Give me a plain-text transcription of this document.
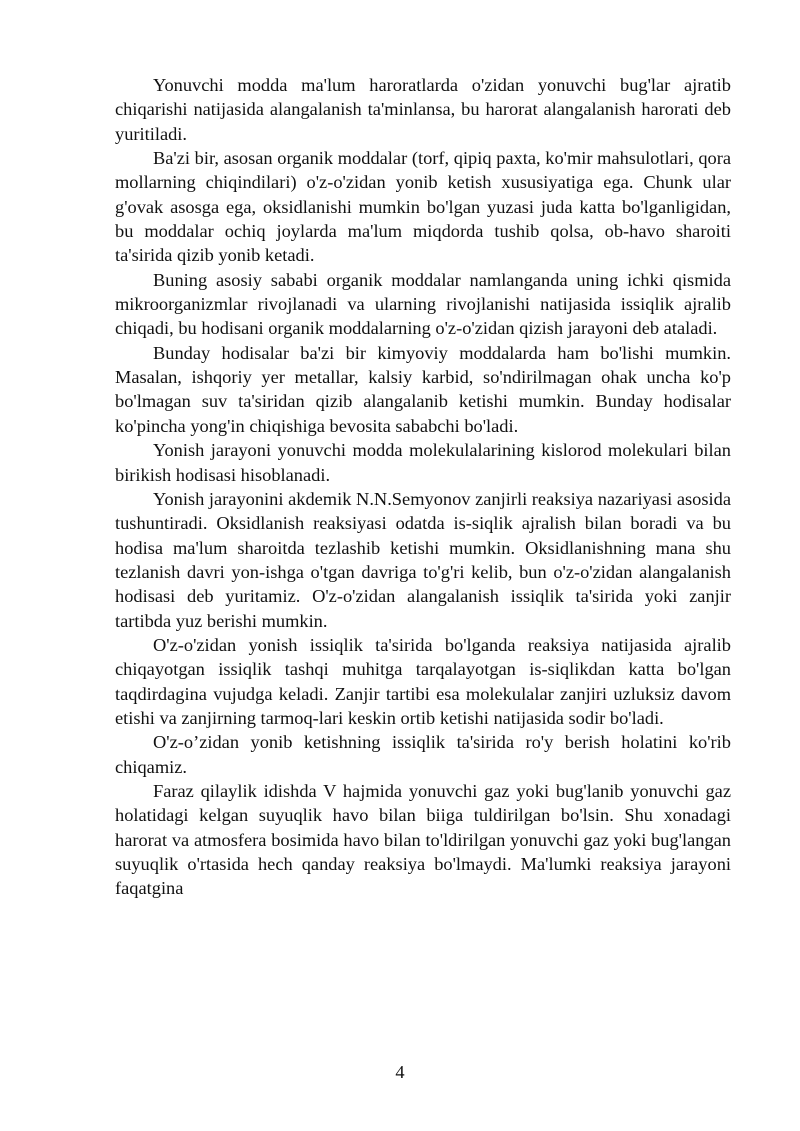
Yonuvchi modda ma'lum haroratlarda o'zidan yonuvchi bug'lar ajratib chiqarishi natijasida alangalanish ta'minlansa, bu harorat alangalanish harorati deb yuritiladi.

Ba'zi bir, asosan organik moddalar (torf, qipiq paxta, ko'mir mahsulotlari, qora mollarning chiqindilari) o'z-o'zidan yonib ketish xususiyatiga ega. Chunk ular g'ovak asosga ega, oksidlanishi mumkin bo'lgan yuzasi juda katta bo'lganligidan, bu moddalar ochiq joylarda ma'lum miqdorda tushib qolsa, ob-havo sharoiti ta'sirida qizib yonib ketadi.

Buning asosiy sababi organik moddalar namlanganda uning ichki qismida mikroorganizmlar rivojlanadi va ularning rivojlanishi natijasida issiqlik ajralib chiqadi, bu hodisani organik moddalarning o'z-o'zidan qizish jarayoni deb ataladi.

Bunday hodisalar ba'zi bir kimyoviy moddalarda ham bo'lishi mumkin. Masalan, ishqoriy yer metallar, kalsiy karbid, so'ndirilmagan ohak uncha ko'p bo'lmagan suv ta'siridan qizib alangalanib ketishi mumkin. Bunday hodisalar ko'pincha yong'in chiqishiga bevosita sababchi bo'ladi.

Yonish jarayoni yonuvchi modda molekulalarining kislorod molekulari bilan birikish hodisasi hisoblanadi.

Yonish jarayonini akdemik N.N.Semyonov zanjirli reaksiya nazariyasi asosida tushuntiradi. Oksidlanish reaksiyasi odatda is-siqlik ajralish bilan boradi va bu hodisa ma'lum sharoitda tezlashib ketishi mumkin. Oksidlanishning mana shu tezlanish davri yon-ishga o'tgan davriga to'g'ri kelib, bun o'z-o'zidan alangalanish hodisasi deb yuritamiz. O'z-o'zidan alangalanish issiqlik ta'sirida yoki zanjir tartibda yuz berishi mumkin.

O'z-o'zidan yonish issiqlik ta'sirida bo'lganda reaksiya natijasida ajralib chiqayotgan issiqlik tashqi muhitga tarqalayotgan is-siqlikdan katta bo'lgan taqdirdagina vujudga keladi. Zanjir tartibi esa molekulalar zanjiri uzluksiz davom etishi va zanjirning tarmoq-lari keskin ortib ketishi natijasida sodir bo'ladi.

O'z-o’zidan yonib ketishning issiqlik ta'sirida ro'y berish holatini ko'rib chiqamiz.

Faraz qilaylik idishda V hajmida yonuvchi gaz yoki bug'lanib yonuvchi gaz holatidagi kelgan suyuqlik havo bilan biiga tuldirilgan bo'lsin. Shu xonadagi harorat va atmosfera bosimida havo bilan to'ldirilgan yonuvchi gaz yoki bug'langan suyuqlik o'rtasida hech qanday reaksiya bo'lmaydi. Ma'lumki reaksiya jarayoni faqatgina

4
